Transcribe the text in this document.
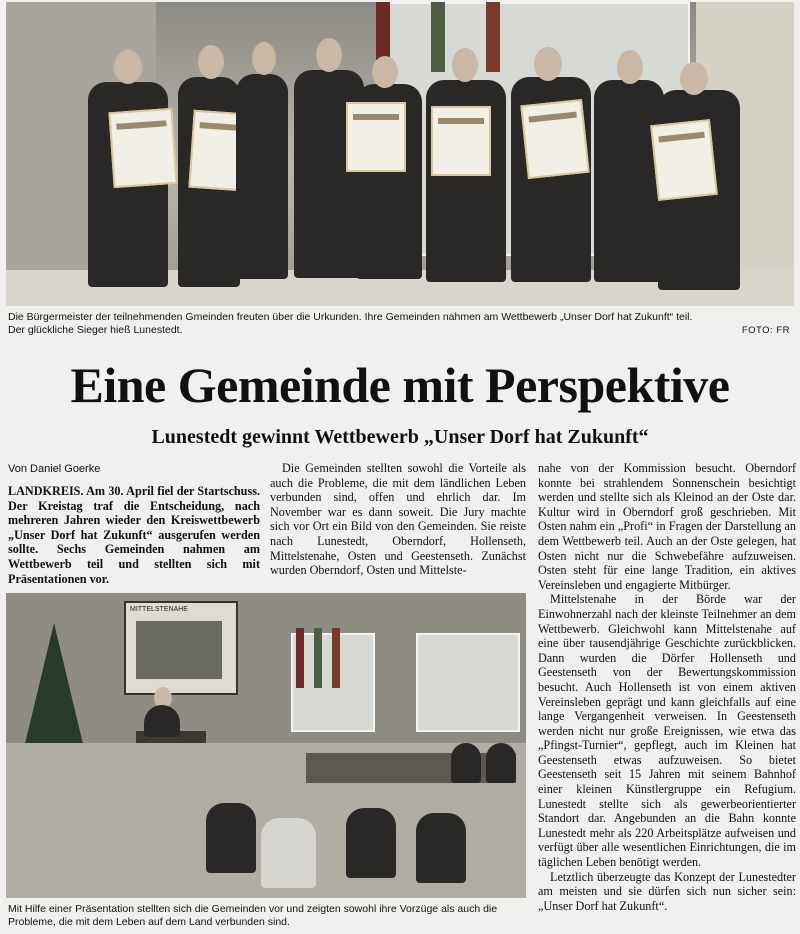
Die Bürgermeister der teilnehmenden Gmeinden freuten über die Urkunden. Ihre Gemeinden nahmen am Wettbewerb „Unser Dorf hat Zukunft“ teil. Der glückliche Sieger hieß Lunestedt.	FOTO: FR
Eine Gemeinde mit Perspektive
Lunestedt gewinnt Wettbewerb „Unser Dorf hat Zukunft“
Von Daniel Goerke

LANDKREIS. Am 30. April fiel der Startschuss. Der Kreistag traf die Entscheidung, nach mehreren Jahren wieder den Kreiswettbewerb „Unser Dorf hat Zukunft“ ausgerufen werden sollte. Sechs Gemeinden nahmen am Wettbewerb teil und stellten sich mit Präsentationen vor.

Die Gemeinden stellten sowohl die Vorteile als auch die Probleme, die mit dem ländlichen Leben verbunden sind, offen und ehrlich dar. Im November war es dann soweit. Die Jury machte sich vor Ort ein Bild von den Gemeinden. Sie reiste nach Lunestedt, Oberndorf, Hollenseth, Mittelstenahe, Osten und Geestenseth. Zunächst wurden Oberndorf, Osten und Mittelste-

nahe von der Kommission besucht. Oberndorf konnte bei strahlendem Sonnenschein besichtigt werden und stellte sich als Kleinod an der Oste dar. Kultur wird in Oberndorf groß geschrieben. Mit Osten nahm ein „Profi“ in Fragen der Darstellung an dem Wettbewerb teil. Auch an der Oste gelegen, hat Osten nicht nur die Schwebefähre aufzuweisen. Osten steht für eine lange Tradition, ein aktives Vereinsleben und engagierte Mitbürger.

Mittelstenahe in der Börde war der Einwohnerzahl nach der kleinste Teilnehmer an dem Wettbewerb. Gleichwohl kann Mittelstenahe auf eine über tausendjährige Geschichte zurückblicken. Dann wurden die Dörfer Hollenseth und Geestenseth von der Bewertungskommission besucht. Auch Hollenseth ist von einem aktiven Vereinsleben geprägt und kann gleichfalls auf eine lange Vergangenheit verweisen. In Geestenseth werden nicht nur große Ereignissen, wie etwa das „Pfingst-Turnier“, gepflegt, auch im Kleinen hat Geestenseth etwas aufzuweisen. So bietet Geestenseth seit 15 Jahren mit seinem Bahnhof einer kleinen Künstlergruppe ein Refugium. Lunestedt stellte sich als gewerbeorientierter Standort dar. Angebunden an die Bahn konnte Lunestedt mehr als 220 Arbeitsplätze aufweisen und verfügt über alle wesentlichen Einrichtungen, die im täglichen Leben benötigt werden.

Letztlich überzeugte das Konzept der Lunestedter am meisten und sie dürfen sich nun sicher sein: „Unser Dorf hat Zukunft“.

MITTELSTENAHE
Mit Hilfe einer Präsentation stellten sich die Gemeinden vor und zeigten sowohl ihre Vorzüge als auch die Probleme, die mit dem Leben auf dem Land verbunden sind.
